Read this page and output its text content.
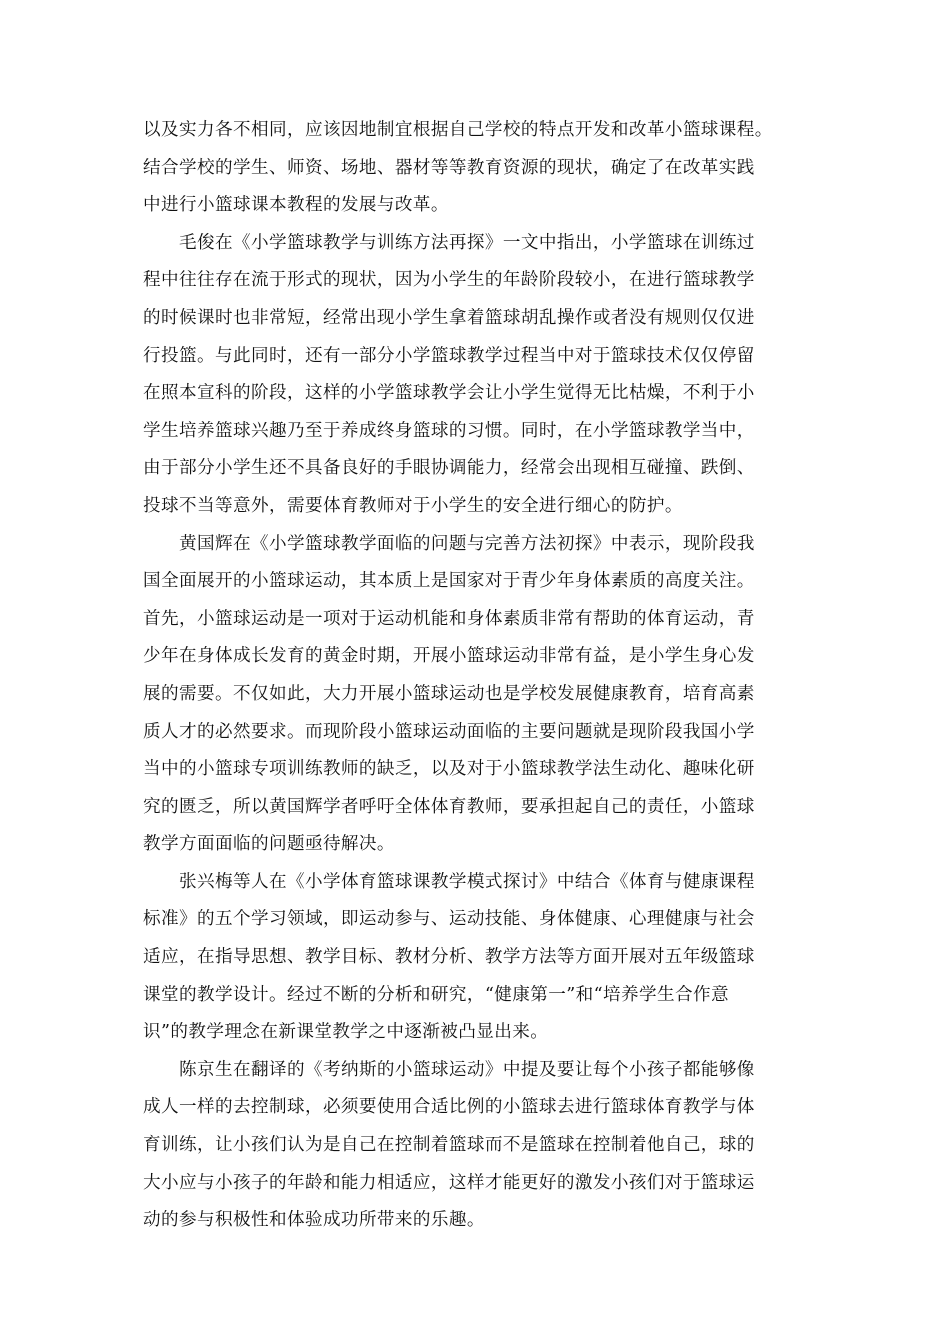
以及实力各不相同，应该因地制宜根据自己学校的特点开发和改革小篮球课程。
结合学校的学生、师资、场地、器材等等教育资源的现状，确定了在改革实践
中进行小篮球课本教程的发展与改革。
毛俊在《小学篮球教学与训练方法再探》一文中指出，小学篮球在训练过
程中往往存在流于形式的现状，因为小学生的年龄阶段较小，在进行篮球教学
的时候课时也非常短，经常出现小学生拿着篮球胡乱操作或者没有规则仅仅进
行投篮。与此同时，还有一部分小学篮球教学过程当中对于篮球技术仅仅停留
在照本宣科的阶段，这样的小学篮球教学会让小学生觉得无比枯燥，不利于小
学生培养篮球兴趣乃至于养成终身篮球的习惯。同时，在小学篮球教学当中，
由于部分小学生还不具备良好的手眼协调能力，经常会出现相互碰撞、跌倒、
投球不当等意外，需要体育教师对于小学生的安全进行细心的防护。
黄国辉在《小学篮球教学面临的问题与完善方法初探》中表示，现阶段我
国全面展开的小篮球运动，其本质上是国家对于青少年身体素质的高度关注。
首先，小篮球运动是一项对于运动机能和身体素质非常有帮助的体育运动，青
少年在身体成长发育的黄金时期，开展小篮球运动非常有益，是小学生身心发
展的需要。不仅如此，大力开展小篮球运动也是学校发展健康教育，培育高素
质人才的必然要求。而现阶段小篮球运动面临的主要问题就是现阶段我国小学
当中的小篮球专项训练教师的缺乏，以及对于小篮球教学法生动化、趣味化研
究的匮乏，所以黄国辉学者呼吁全体体育教师，要承担起自己的责任，小篮球
教学方面面临的问题亟待解决。
张兴梅等人在《小学体育篮球课教学模式探讨》中结合《体育与健康课程
标准》的五个学习领域，即运动参与、运动技能、身体健康、心理健康与社会
适应，在指导思想、教学目标、教材分析、教学方法等方面开展对五年级篮球
课堂的教学设计。经过不断的分析和研究，“健康第一”和“培养学生合作意
识”的教学理念在新课堂教学之中逐渐被凸显出来。
陈京生在翻译的《考纳斯的小篮球运动》中提及要让每个小孩子都能够像
成人一样的去控制球，必须要使用合适比例的小篮球去进行篮球体育教学与体
育训练，让小孩们认为是自己在控制着篮球而不是篮球在控制着他自己，球的
大小应与小孩子的年龄和能力相适应，这样才能更好的激发小孩们对于篮球运
动的参与积极性和体验成功所带来的乐趣。
